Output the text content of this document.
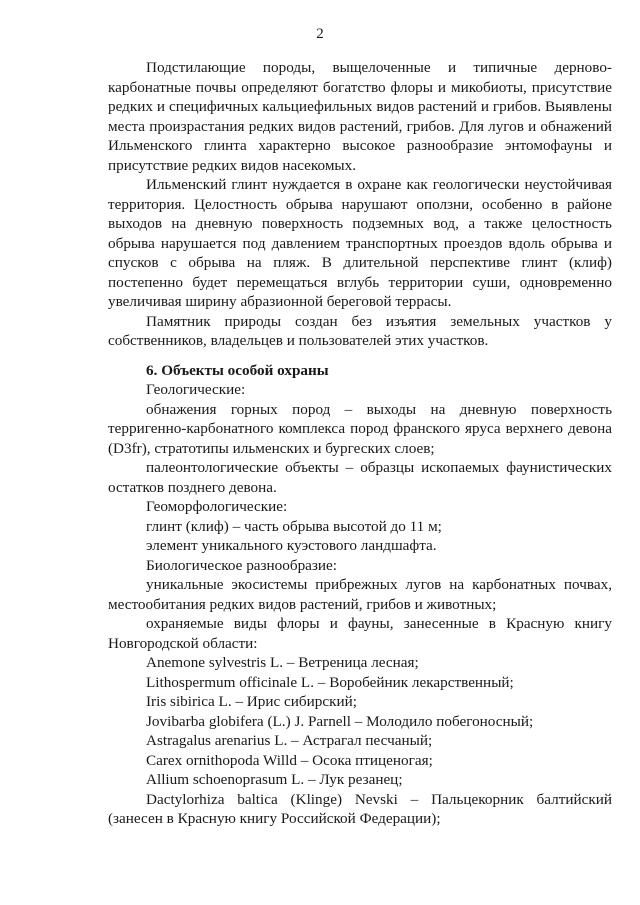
2

Подстилающие породы, выщелоченные и типичные дерново-карбонатные почвы определяют богатство флоры и микобиоты, присутствие редких и специфичных кальциефильных видов растений и грибов. Выявлены места произрастания редких видов растений, грибов. Для лугов и обнажений Ильменского глинта характерно высокое разнообразие энтомофауны и присутствие редких видов насекомых.

Ильменский глинт нуждается в охране как геологически неустойчивая территория. Целостность обрыва нарушают оползни, особенно в районе выходов на дневную поверхность подземных вод, а также целостность обрыва нарушается под давлением транспортных проездов вдоль обрыва и спусков с обрыва на пляж. В длительной перспективе глинт (клиф) постепенно будет перемещаться вглубь территории суши, одновременно увеличивая ширину абразионной береговой террасы.

Памятник природы создан без изъятия земельных участков у собственников, владельцев и пользователей этих участков.

6. Объекты особой охраны

Геологические:

обнажения горных пород – выходы на дневную поверхность терригенно-карбонатного комплекса пород франского яруса верхнего девона (D3fr), стратотипы ильменских и бургеских слоев;

палеонтологические объекты – образцы ископаемых фаунистических остатков позднего девона.

Геоморфологические:

глинт (клиф) – часть обрыва высотой до 11 м;

элемент уникального куэстового ландшафта.

Биологическое разнообразие:

уникальные экосистемы прибрежных лугов на карбонатных почвах, местообитания редких видов растений, грибов и животных;

охраняемые виды флоры и фауны, занесенные в Красную книгу Новгородской области:

Anemone sylvestris L. – Ветреница лесная;

Lithospermum officinale L. – Воробейник лекарственный;

Iris sibirica L. – Ирис сибирский;

Jovibarba globifera (L.) J. Parnell – Молодило побегоносный;

Astragalus arenarius L. – Астрагал песчаный;

Carex ornithopoda Willd – Осока птиценогая;

Allium schoenoprasum L. – Лук резанец;

Dactylorhiza baltica (Klinge) Nevski – Пальцекорник балтийский (занесен в Красную книгу Российской Федерации);
